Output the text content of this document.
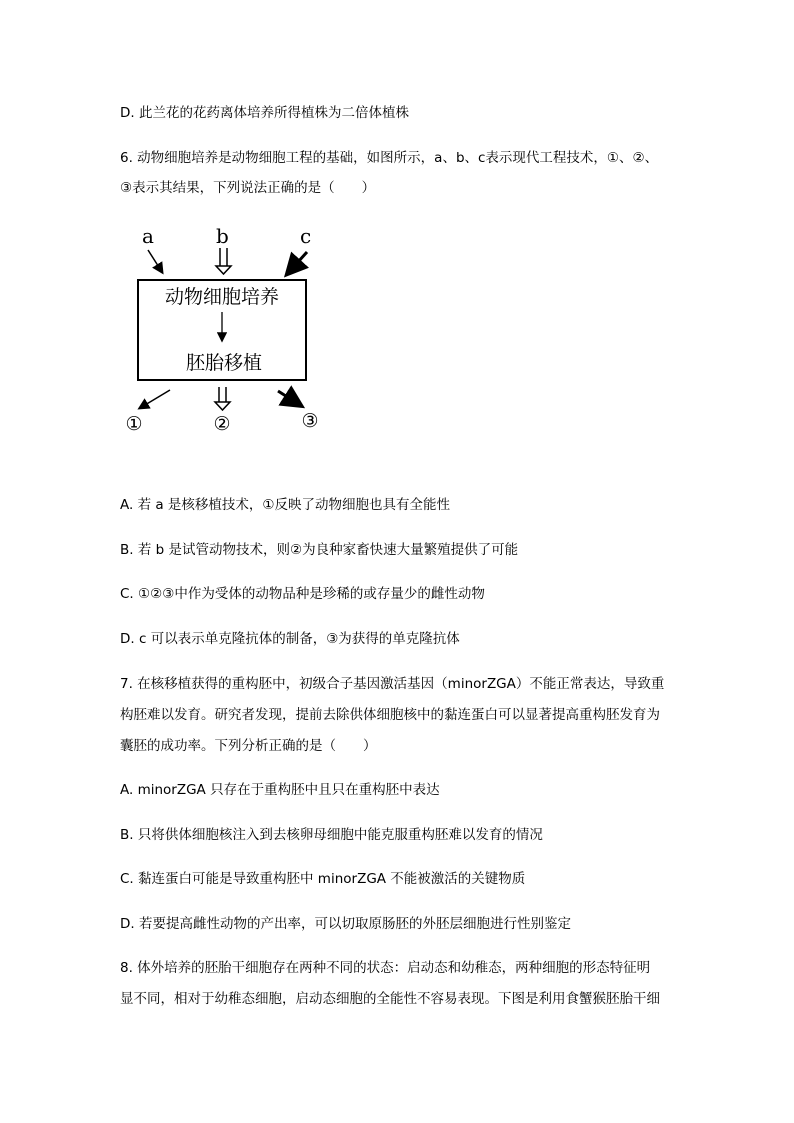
D. 此兰花的花药离体培养所得植株为二倍体植株
6. 动物细胞培养是动物细胞工程的基础，如图所示，a、b、c表示现代工程技术，①、②、
③表示其结果，下列说法正确的是（　　）
a	b	c
动物细胞培养
胚胎移植
①	②	③
A. 若 a 是核移植技术，①反映了动物细胞也具有全能性
B. 若 b 是试管动物技术，则②为良种家畜快速大量繁殖提供了可能
C. ①②③中作为受体的动物品种是珍稀的或存量少的雌性动物
D. c 可以表示单克隆抗体的制备，③为获得的单克隆抗体
7. 在核移植获得的重构胚中，初级合子基因激活基因（minorZGA）不能正常表达，导致重
构胚难以发育。研究者发现，提前去除供体细胞核中的黏连蛋白可以显著提高重构胚发育为
囊胚的成功率。下列分析正确的是（　　）
A. minorZGA 只存在于重构胚中且只在重构胚中表达
B. 只将供体细胞核注入到去核卵母细胞中能克服重构胚难以发育的情况
C. 黏连蛋白可能是导致重构胚中 minorZGA 不能被激活的关键物质
D. 若要提高雌性动物的产出率，可以切取原肠胚的外胚层细胞进行性别鉴定
8. 体外培养的胚胎干细胞存在两种不同的状态：启动态和幼稚态，两种细胞的形态特征明
显不同，相对于幼稚态细胞，启动态细胞的全能性不容易表现。下图是利用食蟹猴胚胎干细
